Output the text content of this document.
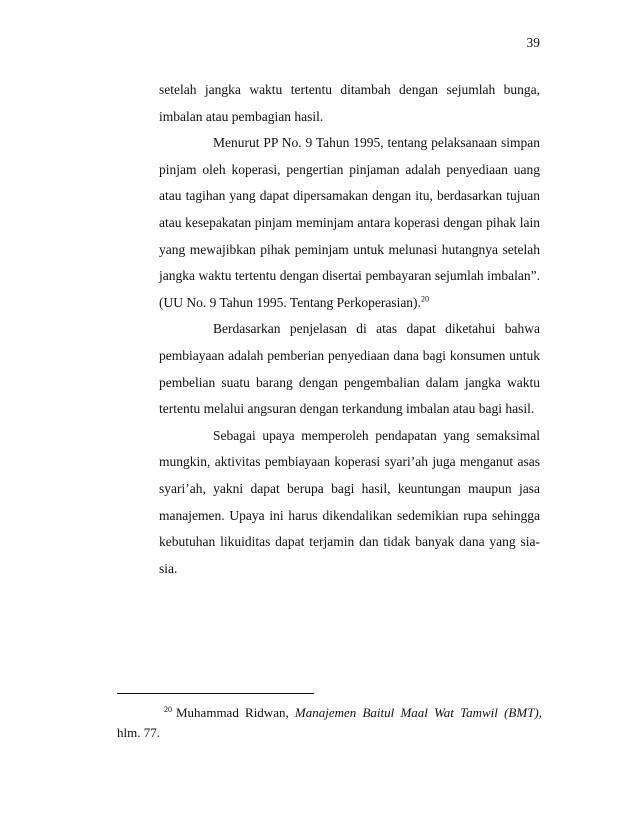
39

setelah jangka waktu tertentu ditambah dengan sejumlah bunga, imbalan atau pembagian hasil.

Menurut PP No. 9 Tahun 1995, tentang pelaksanaan simpan pinjam oleh koperasi, pengertian pinjaman adalah penyediaan uang atau tagihan yang dapat dipersamakan dengan itu, berdasarkan tujuan atau kesepakatan pinjam meminjam antara koperasi dengan pihak lain yang mewajibkan pihak peminjam untuk melunasi hutangnya setelah jangka waktu tertentu dengan disertai pembayaran sejumlah imbalan”. (UU No. 9 Tahun 1995. Tentang Perkoperasian).$^{20}$

Berdasarkan penjelasan di atas dapat diketahui bahwa pembiayaan adalah pemberian penyediaan dana bagi konsumen untuk pembelian suatu barang dengan pengembalian dalam jangka waktu tertentu melalui angsuran dengan terkandung imbalan atau bagi hasil.

Sebagai upaya memperoleh pendapatan yang semaksimal mungkin, aktivitas pembiayaan koperasi syari’ah juga menganut asas syari’ah, yakni dapat berupa bagi hasil, keuntungan maupun jasa manajemen. Upaya ini harus dikendalikan sedemikian rupa sehingga kebutuhan likuiditas dapat terjamin dan tidak banyak dana yang sia-sia.

$^{20}$ Muhammad Ridwan, Manajemen Baitul Maal Wat Tamwil (BMT), hlm. 77.
